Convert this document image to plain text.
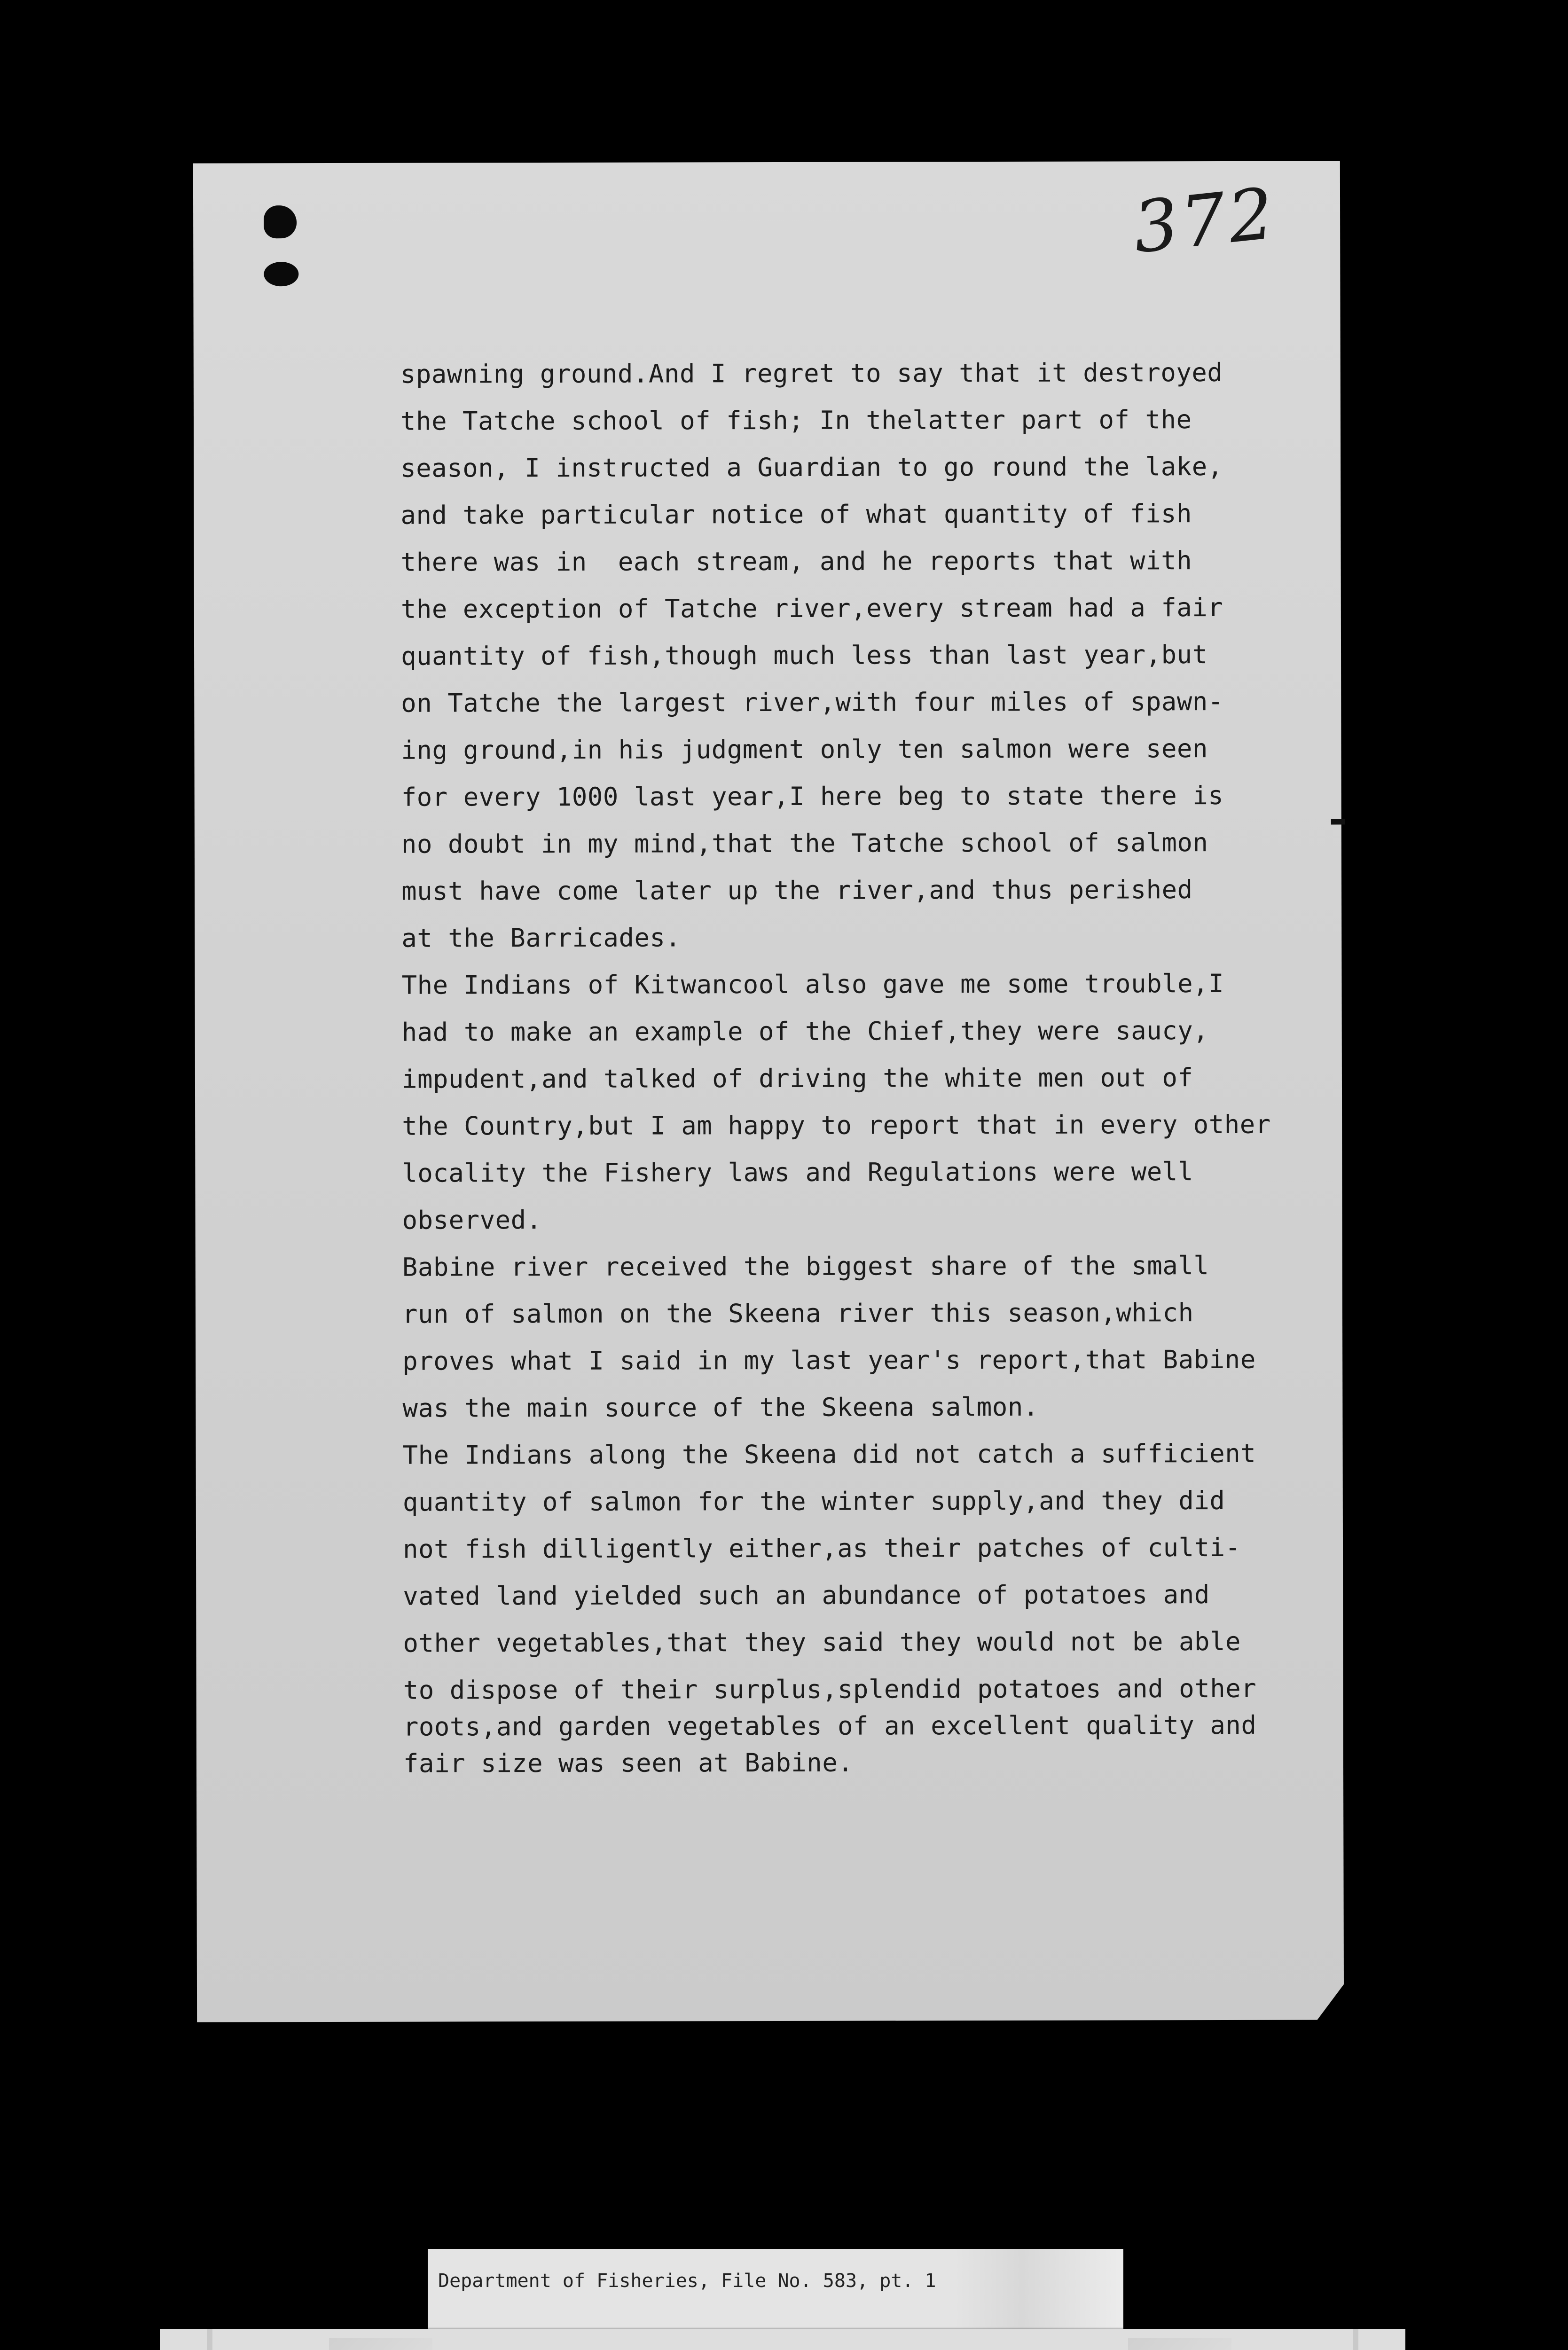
372
spawning ground.And I regret to say that it destroyed
the Tatche school of fish; In thelatter part of the
season, I instructed a Guardian to go round the lake,
and take particular notice of what quantity of fish
there was in  each stream, and he reports that with
the exception of Tatche river,every stream had a fair
quantity of fish,though much less than last year,but
on Tatche the largest river,with four miles of spawn-
ing ground,in his judgment only ten salmon were seen
for every 1000 last year,I here beg to state there is
no doubt in my mind,that the Tatche school of salmon
must have come later up the river,and thus perished
at the Barricades.
The Indians of Kitwancool also gave me some trouble,I
had to make an example of the Chief,they were saucy,
impudent,and talked of driving the white men out of
the Country,but I am happy to report that in every other
locality the Fishery laws and Regulations were well
observed.
Babine river received the biggest share of the small
run of salmon on the Skeena river this season,which
proves what I said in my last year's report,that Babine
was the main source of the Skeena salmon.
The Indians along the Skeena did not catch a sufficient
quantity of salmon for the winter supply,and they did
not fish dilligently either,as their patches of culti-
vated land yielded such an abundance of potatoes and
other vegetables,that they said they would not be able
to dispose of their surplus,splendid potatoes and other
roots,and garden vegetables of an excellent quality and
fair size was seen at Babine.
Department of Fisheries, File No. 583, pt. 1
